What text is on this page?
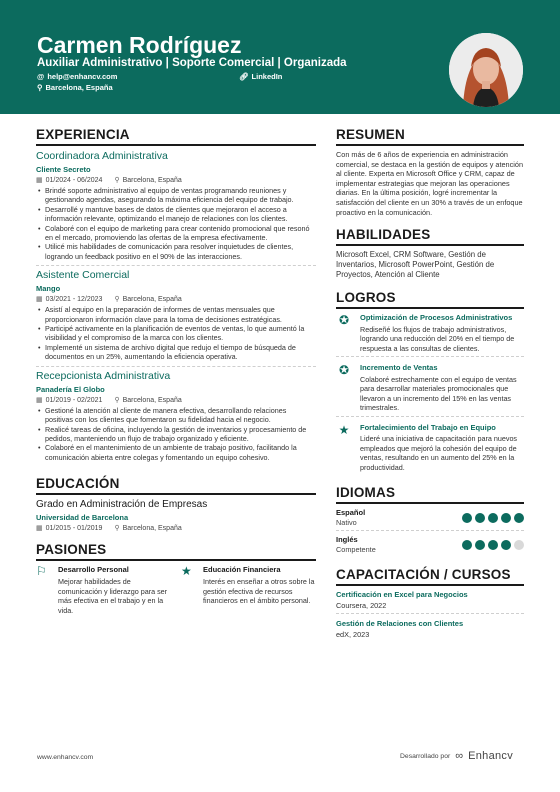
Carmen Rodríguez
Auxiliar Administrativo | Soporte Comercial | Organizada
@ help@enhancv.com	🔗︎ LinkedIn
⚲ Barcelona, España
EXPERIENCIA
Coordinadora Administrativa
Cliente Secreto
▦ 01/2024 - 06/2024 ⚲ Barcelona, España
• Brindé soporte administrativo al equipo de ventas programando reuniones y gestionando agendas, asegurando la máxima eficiencia del equipo de trabajo.
• Desarrollé y mantuve bases de datos de clientes que mejoraron el acceso a información relevante, optimizando el manejo de relaciones con los clientes.
• Colaboré con el equipo de marketing para crear contenido promocional que resonó en el mercado, promoviendo las ofertas de la empresa efectivamente.
• Utilicé mis habilidades de comunicación para resolver inquietudes de clientes, logrando un feedback positivo en el 90% de las interacciones.
Asistente Comercial
Mango
▦ 03/2021 - 12/2023 ⚲ Barcelona, España
• Asistí al equipo en la preparación de informes de ventas mensuales que proporcionaron información clave para la toma de decisiones estratégicas.
• Participé activamente en la planificación de eventos de ventas, lo que aumentó la visibilidad y el compromiso de la marca con los clientes.
• Implementé un sistema de archivo digital que redujo el tiempo de búsqueda de documentos en un 25%, aumentando la eficiencia operativa.
Recepcionista Administrativa
Panadería El Globo
▦ 01/2019 - 02/2021 ⚲ Barcelona, España
• Gestioné la atención al cliente de manera efectiva, desarrollando relaciones positivas con los clientes que fomentaron su fidelidad hacia el negocio.
• Realicé tareas de oficina, incluyendo la gestión de inventarios y procesamiento de pedidos, manteniendo un flujo de trabajo organizado y eficiente.
• Colaboré en el mantenimiento de un ambiente de trabajo positivo, facilitando la comunicación abierta entre colegas y fomentando un equipo cohesivo.
EDUCACIÓN
Grado en Administración de Empresas
Universidad de Barcelona
▦ 01/2015 - 01/2019 ⚲ Barcelona, España
PASIONES
⚐	Desarrollo Personal
Mejorar habilidades de comunicación y liderazgo para ser más efectiva en el trabajo y en la vida.
★	Educación Financiera
Interés en enseñar a otros sobre la gestión efectiva de recursos financieros en el ámbito personal.
RESUMEN
Con más de 6 años de experiencia en administración comercial, se destaca en la gestión de equipos y atención al cliente. Experta en Microsoft Office y CRM, capaz de implementar estrategias que mejoran las operaciones diarias. En la última posición, logré incrementar la satisfacción del cliente en un 30% a través de un enfoque proactivo en la comunicación.
HABILIDADES
Microsoft Excel, CRM Software, Gestión de Inventarios, Microsoft PowerPoint, Gestión de Proyectos, Atención al Cliente
LOGROS
✪	Optimización de Procesos Administrativos
Rediseñé los flujos de trabajo administrativos, logrando una reducción del 20% en el tiempo de respuesta a las consultas de clientes.
✪	Incremento de Ventas
Colaboré estrechamente con el equipo de ventas para desarrollar materiales promocionales que llevaron a un incremento del 15% en las ventas trimestrales.
★	Fortalecimiento del Trabajo en Equipo
Lideré una iniciativa de capacitación para nuevos empleados que mejoró la cohesión del equipo de ventas, resultando en un aumento del 25% en la productividad.
IDIOMAS
Español
Nativo
Inglés
Competente
CAPACITACIÓN / CURSOS
Certificación en Excel para Negocios
Coursera, 2022
Gestión de Relaciones con Clientes
edX, 2023
www.enhancv.com	Desarrollado por ∞ Enhancv
